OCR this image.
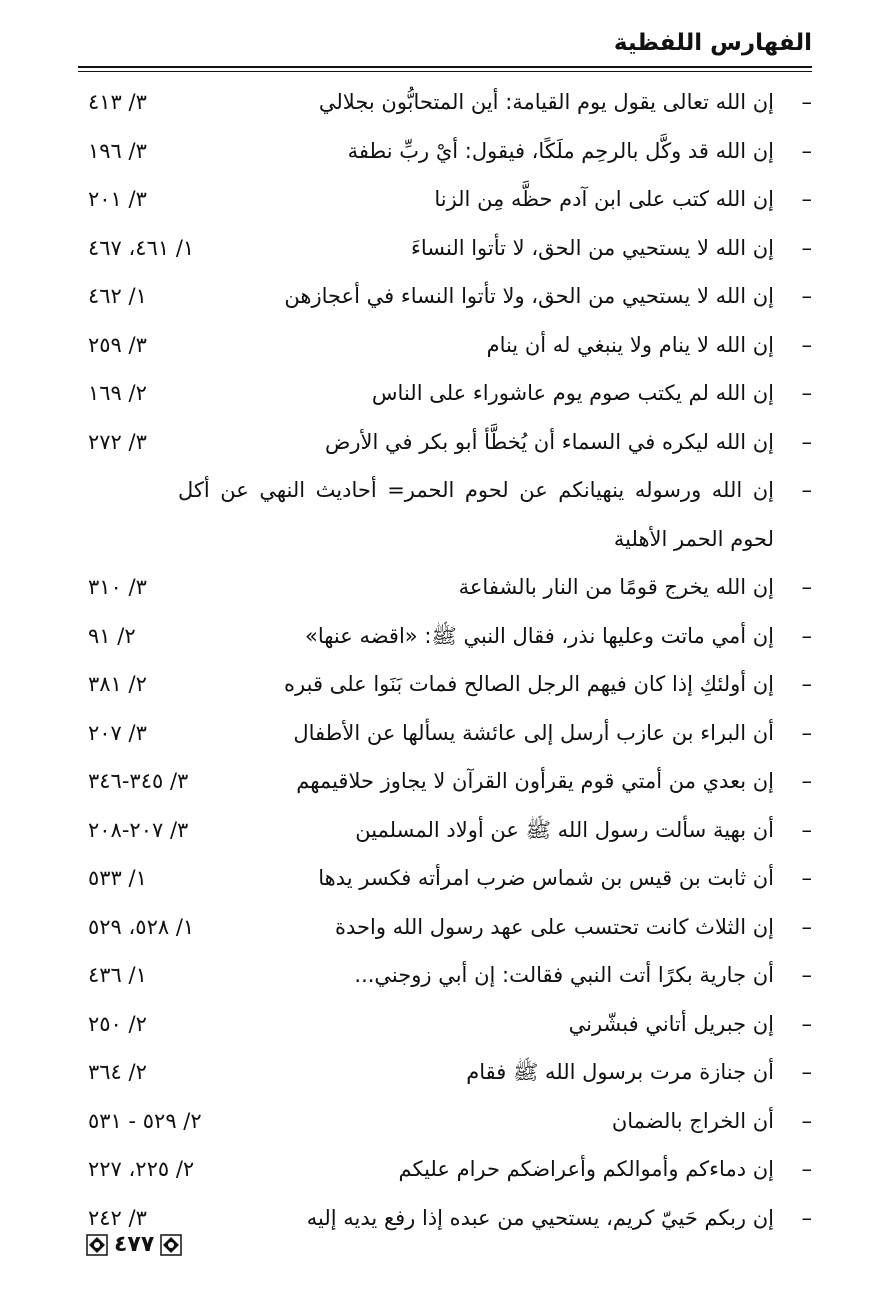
الفهارس اللفظية
–
إن الله تعالى يقول يوم القيامة: أين المتحابُّون بجلالي
٣/ ٤١٣
–
إن الله قد وكَّل بالرحِم ملَكًا، فيقول: أيْ ربِّ نطفة
٣/ ١٩٦
–
إن الله كتب على ابن آدم حظَّه مِن الزنا
٣/ ٢٠١
–
إن الله لا يستحيي من الحق، لا تأتوا النساءَ
١/ ٤٦١، ٤٦٧
–
إن الله لا يستحيي من الحق، ولا تأتوا النساء في أعجازهن
١/ ٤٦٢
–
إن الله لا ينام ولا ينبغي له أن ينام
٣/ ٢٥٩
–
إن الله لم يكتب صوم يوم عاشوراء على الناس
٢/ ١٦٩
–
إن الله ليكره في السماء أن يُخطَّأ أبو بكر في الأرض
٣/ ٢٧٢
–
إن الله ورسوله ينهيانكم عن لحوم الحمر= أحاديث النهي عن أكل لحوم الحمر الأهلية
–
إن الله يخرج قومًا من النار بالشفاعة
٣/ ٣١٠
–
إن أمي ماتت وعليها نذر، فقال النبي ﷺ: «اقضه عنها»
٢/ ٩١
–
إن أولئكِ إذا كان فيهم الرجل الصالح فمات بَنَوا على قبره
٢/ ٣٨١
–
أن البراء بن عازب أرسل إلى عائشة يسألها عن الأطفال
٣/ ٢٠٧
–
إن بعدي من أمتي قوم يقرأون القرآن لا يجاوز حلاقيمهم
٣/ ٣٤٥-٣٤٦
–
أن بهية سألت رسول الله ﷺ عن أولاد المسلمين
٣/ ٢٠٧-٢٠٨
–
أن ثابت بن قيس بن شماس ضرب امرأته فكسر يدها
١/ ٥٣٣
–
إن الثلاث كانت تحتسب على عهد رسول الله واحدة
١/ ٥٢٨، ٥٢٩
–
أن جارية بكرًا أتت النبي فقالت: إن أبي زوجني...
١/ ٤٣٦
–
إن جبريل أتاني فبشّرني
٢/ ٢٥٠
–
أن جنازة مرت برسول الله ﷺ فقام
٢/ ٣٦٤
–
أن الخراج بالضمان
٢/ ٥٢٩ - ٥٣١
–
إن دماءكم وأموالكم وأعراضكم حرام عليكم
٢/ ٢٢٥، ٢٢٧
–
إن ربكم حَييّ كريم، يستحيي من عبده إذا رفع يديه إليه
٣/ ٢٤٢
٤٧٧
